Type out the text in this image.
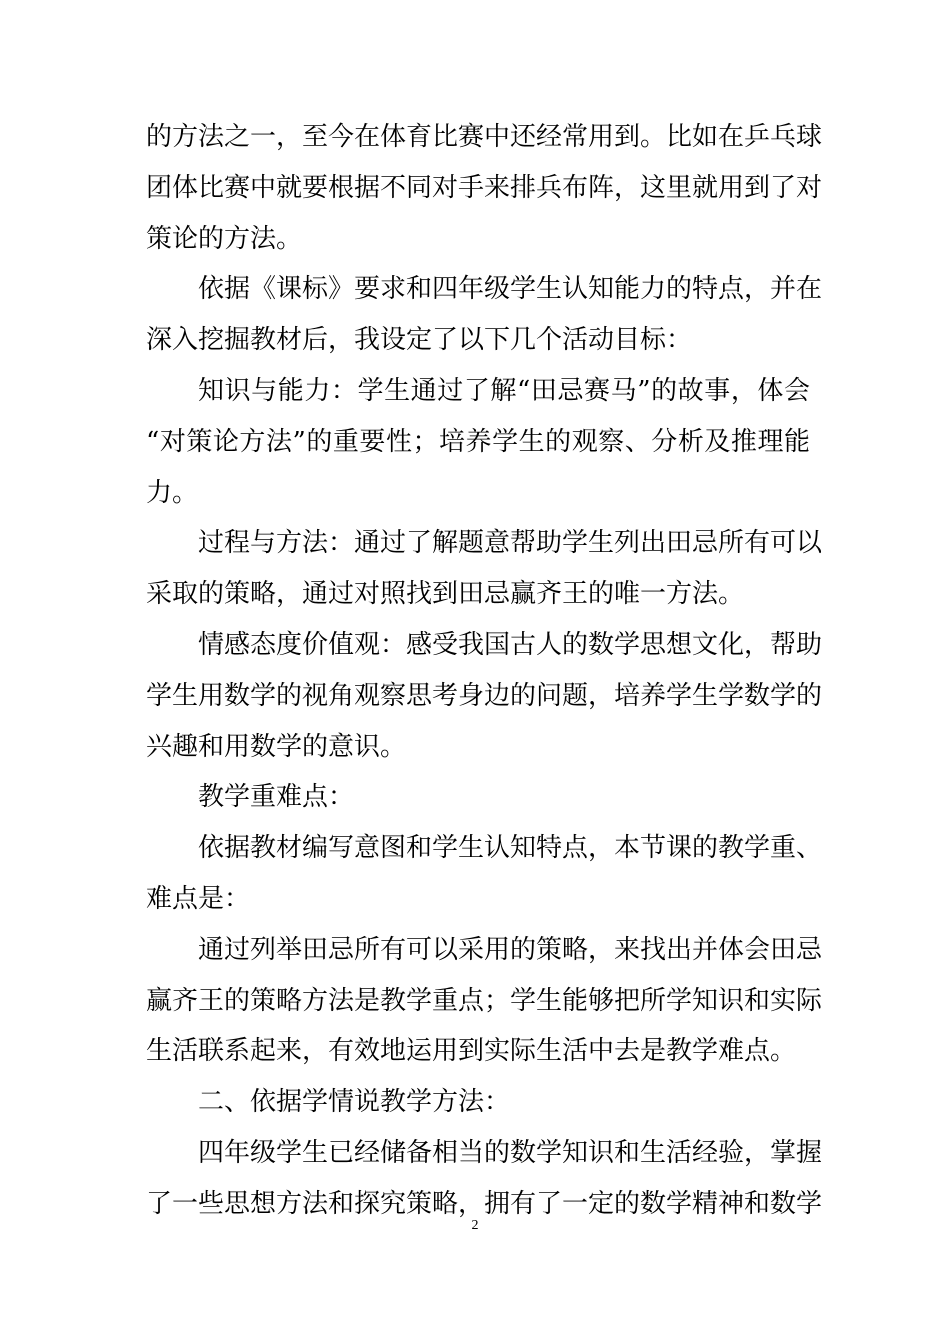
的方法之一，至今在体育比赛中还经常用到。比如在乒乓球
团体比赛中就要根据不同对手来排兵布阵，这里就用到了对
策论的方法。
依据《课标》要求和四年级学生认知能力的特点，并在
深入挖掘教材后，我设定了以下几个活动目标：
知识与能力：学生通过了解“田忌赛马”的故事，体会
“对策论方法”的重要性；培养学生的观察、分析及推理能
力。
过程与方法：通过了解题意帮助学生列出田忌所有可以
采取的策略，通过对照找到田忌赢齐王的唯一方法。
情感态度价值观：感受我国古人的数学思想文化，帮助
学生用数学的视角观察思考身边的问题，培养学生学数学的
兴趣和用数学的意识。
教学重难点：
依据教材编写意图和学生认知特点，本节课的教学重、
难点是：
通过列举田忌所有可以采用的策略，来找出并体会田忌
赢齐王的策略方法是教学重点；学生能够把所学知识和实际
生活联系起来，有效地运用到实际生活中去是教学难点。
二、依据学情说教学方法：
四年级学生已经储备相当的数学知识和生活经验，掌握
了一些思想方法和探究策略，拥有了一定的数学精神和数学
2
